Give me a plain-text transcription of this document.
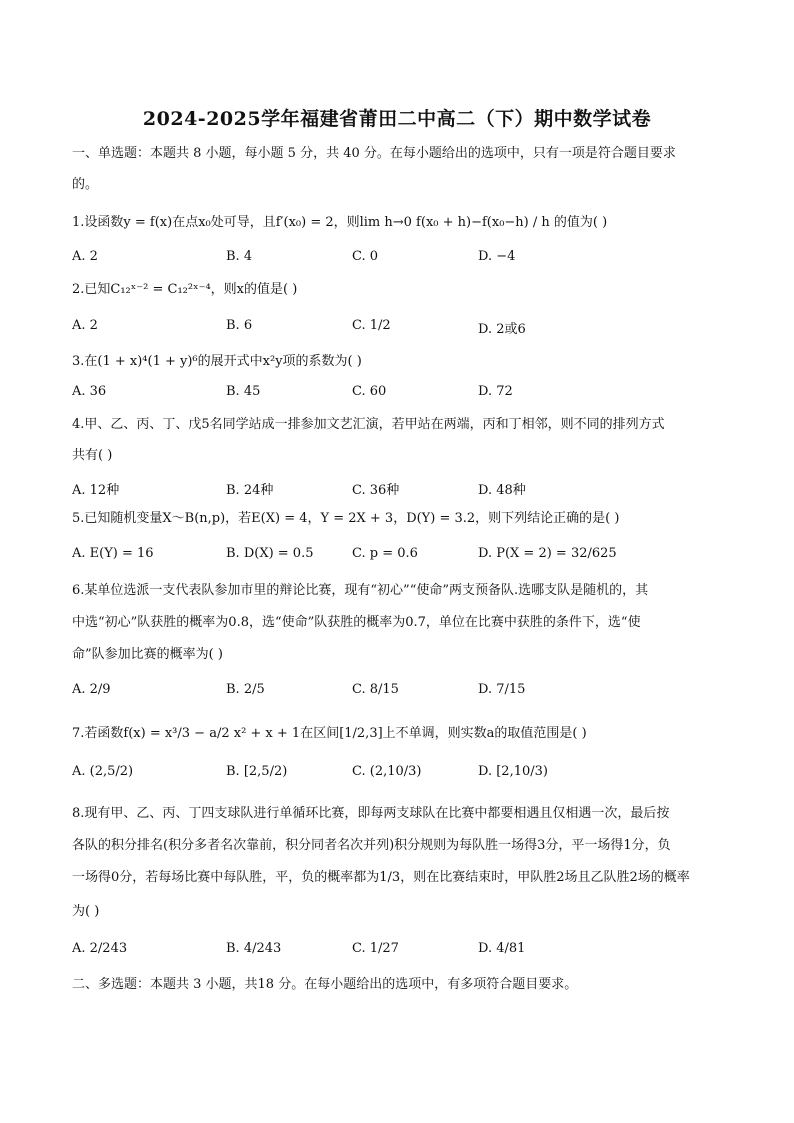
2024-2025学年福建省莆田二中高二（下）期中数学试卷
一、单选题：本题共 8 小题，每小题 5 分，共 40 分。在每小题给出的选项中，只有一项是符合题目要求
的。
1.设函数y = f(x)在点x₀处可导，且f′(x₀) = 2，则lim h→0 f(x₀ + h)−f(x₀−h) / h 的值为( )
A. 2	B. 4	C. 0	D. −4
2.已知C₁₂ˣ⁻² = C₁₂²ˣ⁻⁴，则x的值是( )
A. 2	B. 6	C. 1/2	D. 2或6
3.在(1 + x)⁴(1 + y)⁶的展开式中x²y项的系数为( )
A. 36	B. 45	C. 60	D. 72
4.甲、乙、丙、丁、戊5名同学站成一排参加文艺汇演，若甲站在两端，丙和丁相邻，则不同的排列方式
共有( )
A. 12种	B. 24种	C. 36种	D. 48种
5.已知随机变量X～B(n,p)，若E(X) = 4，Y = 2X + 3，D(Y) = 3.2，则下列结论正确的是( )
A. E(Y) = 16	B. D(X) = 0.5	C. p = 0.6	D. P(X = 2) = 32/625
6.某单位选派一支代表队参加市里的辩论比赛，现有“初心”“使命”两支预备队.选哪支队是随机的，其
中选“初心”队获胜的概率为0.8，选“使命”队获胜的概率为0.7，单位在比赛中获胜的条件下，选“使
命”队参加比赛的概率为( )
A. 2/9	B. 2/5	C. 8/15	D. 7/15
7.若函数f(x) = x³/3 − a/2 x² + x + 1在区间[1/2,3]上不单调，则实数a的取值范围是( )
A. (2,5/2)	B. [2,5/2)	C. (2,10/3)	D. [2,10/3)
8.现有甲、乙、丙、丁四支球队进行单循环比赛，即每两支球队在比赛中都要相遇且仅相遇一次，最后按
各队的积分排名(积分多者名次靠前，积分同者名次并列)积分规则为每队胜一场得3分，平一场得1分，负
一场得0分，若每场比赛中每队胜，平，负的概率都为1/3，则在比赛结束时，甲队胜2场且乙队胜2场的概率
为( )
A. 2/243	B. 4/243	C. 1/27	D. 4/81
二、多选题：本题共 3 小题，共18 分。在每小题给出的选项中，有多项符合题目要求。
